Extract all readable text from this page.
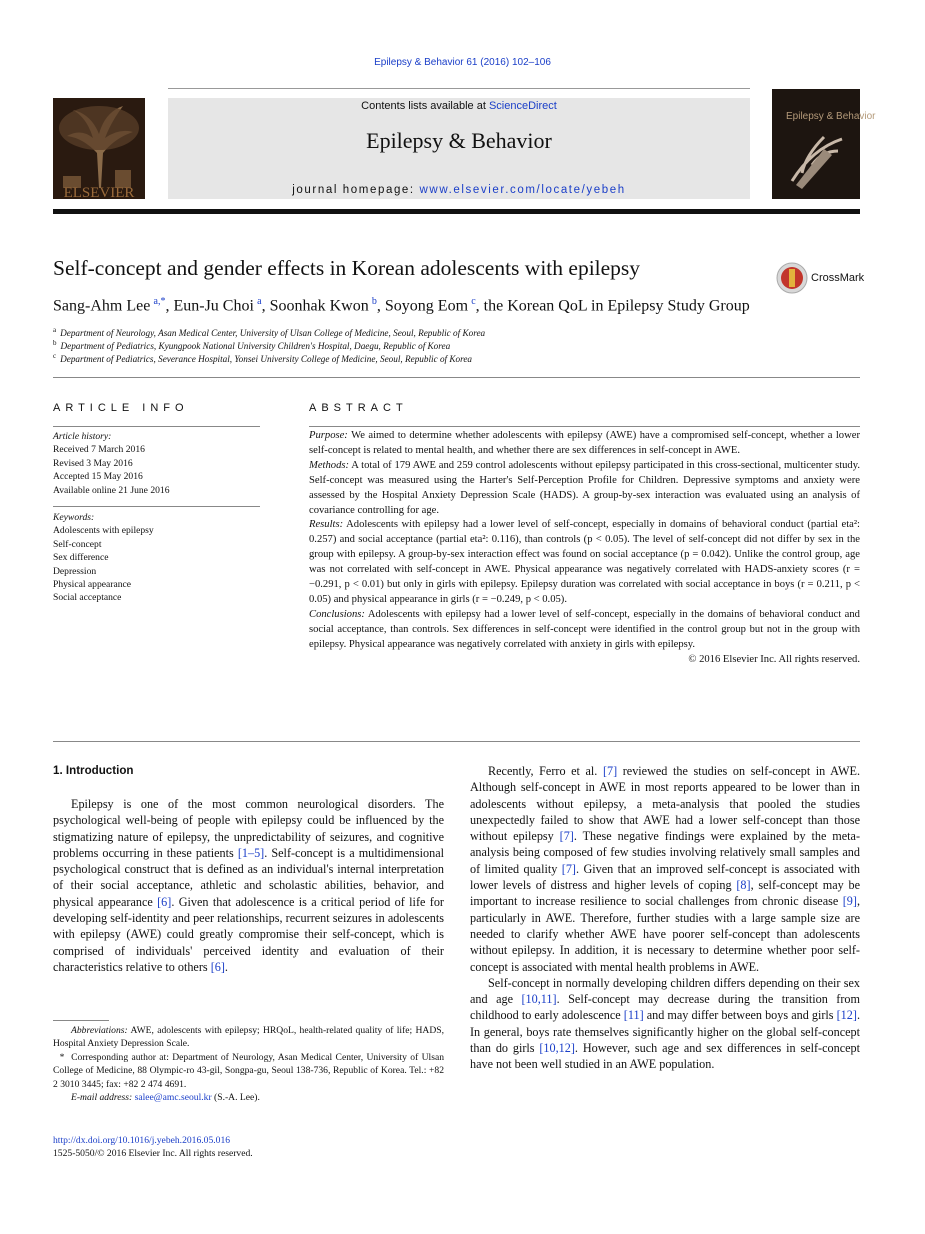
Epilepsy & Behavior 61 (2016) 102–106
ELSEVIER
Contents lists available at ScienceDirect
Epilepsy & Behavior
journal homepage: www.elsevier.com/locate/yebeh
Epilepsy & Behavior
Self-concept and gender effects in Korean adolescents with epilepsy	CrossMark
Sang-Ahm Lee  $^{a,*}$, Eun-Ju Choi  $^a$, Soonhak Kwon  $^b$, Soyong Eom  $^c$, the Korean QoL in Epilepsy Study Group
$^a$ Department of Neurology, Asan Medical Center, University of Ulsan College of Medicine, Seoul, Republic of Korea
$^b$ Department of Pediatrics, Kyungpook National University Children's Hospital, Daegu, Republic of Korea
$^c$ Department of Pediatrics, Severance Hospital, Yonsei University College of Medicine, Seoul, Republic of Korea
ARTICLE INFO
Article history:
Received 7 March 2016
Revised 3 May 2016
Accepted 15 May 2016
Available online 21 June 2016
Keywords:
Adolescents with epilepsy
Self-concept
Sex difference
Depression
Physical appearance
Social acceptance
ABSTRACT

Purpose: We aimed to determine whether adolescents with epilepsy (AWE) have a compromised self-concept, whether a lower self-concept is related to mental health, and whether there are sex differences in self-concept in AWE.

Methods: A total of 179 AWE and 259 control adolescents without epilepsy participated in this cross-sectional, multicenter study. Self-concept was measured using the Harter's Self-Perception Profile for Children. Depressive symptoms and anxiety were assessed by the Hospital Anxiety Depression Scale (HADS). A group-by-sex interaction was evaluated using an analysis of covariance controlling for age.

Results: Adolescents with epilepsy had a lower level of self-concept, especially in domains of behavioral conduct (partial eta²: 0.257) and social acceptance (partial eta²: 0.116), than controls (p < 0.05). The level of self-concept did not differ by sex in the group with epilepsy. A group-by-sex interaction effect was found on social acceptance (p = 0.042). Unlike the control group, age was not correlated with self-concept in AWE. Physical appearance was negatively correlated with HADS-anxiety scores (r = −0.291, p < 0.01) but only in girls with epilepsy. Epilepsy duration was correlated with social acceptance in boys (r = 0.211, p < 0.05) and physical appearance in girls (r = −0.249, p < 0.05).

Conclusions: Adolescents with epilepsy had a lower level of self-concept, especially in the domains of behavioral conduct and social acceptance, than controls. Sex differences in self-concept were identified in the control group but not in the group with epilepsy. Physical appearance was negatively correlated with anxiety in girls with epilepsy.

© 2016 Elsevier Inc. All rights reserved.

1. Introduction

Epilepsy is one of the most common neurological disorders. The psychological well-being of people with epilepsy could be influenced by the stigmatizing nature of epilepsy, the unpredictability of seizures, and cognitive problems occurring in these patients [1–5]. Self-concept is a multidimensional psychological construct that is defined as an individual's internal interpretation of their social acceptance, athletic and scholastic abilities, behavior, and physical appearance [6]. Given that adolescence is a critical period of life for developing self-identity and peer relationships, recurrent seizures in adolescents with epilepsy (AWE) could greatly compromise their self-concept, which is comprised of individuals' perceived identity and evaluation of their characteristics relative to others [6].

Abbreviations: AWE, adolescents with epilepsy; HRQoL, health-related quality of life; HADS, Hospital Anxiety Depression Scale.

* Corresponding author at: Department of Neurology, Asan Medical Center, University of Ulsan College of Medicine, 88 Olympic-ro 43-gil, Songpa-gu, Seoul 138-736, Republic of Korea. Tel.: +82 2 3010 3445; fax: +82 2 474 4691.

E-mail address: salee@amc.seoul.kr (S.-A. Lee).

http://dx.doi.org/10.1016/j.yebeh.2016.05.016
1525-5050/© 2016 Elsevier Inc. All rights reserved.

Recently, Ferro et al. [7] reviewed the studies on self-concept in AWE. Although self-concept in AWE in most reports appeared to be lower than in adolescents without epilepsy, a meta-analysis that pooled the studies unexpectedly failed to show that AWE had a lower self-concept than those without epilepsy [7]. These negative findings were explained by the meta-analysis being composed of few studies involving relatively small samples and of limited quality [7]. Given that an improved self-concept is associated with lower levels of distress and higher levels of coping [8], self-concept may be important to increase resilience to social challenges from chronic disease [9], particularly in AWE. Therefore, further studies with a large sample size are needed to clarify whether AWE have poorer self-concept than adolescents without epilepsy. In addition, it is necessary to determine whether poor self-concept is associated with mental health problems in AWE.

Self-concept in normally developing children differs depending on their sex and age [10,11]. Self-concept may decrease during the transition from childhood to early adolescence [11] and may differ between boys and girls [12]. In general, boys rate themselves significantly higher on the global self-concept than do girls [10,12]. However, such age and sex differences in self-concept have not been well studied in an AWE population.
